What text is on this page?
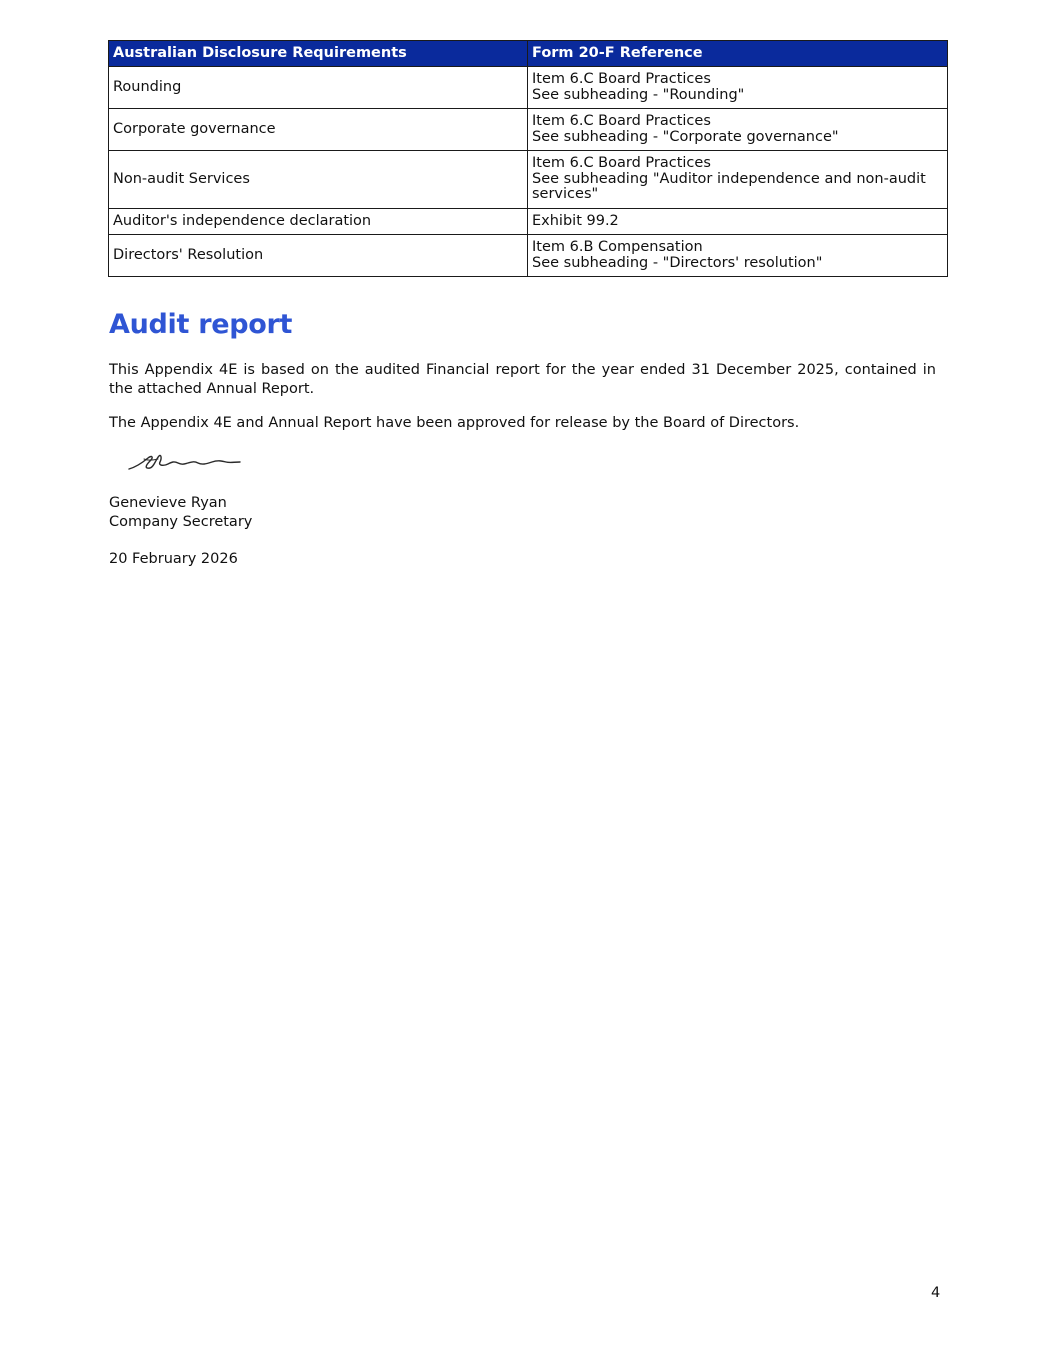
Australian Disclosure Requirements	Form 20-F Reference
Rounding	Item 6.C Board Practices
See subheading - "Rounding"

Corporate governance	Item 6.C Board Practices
See subheading - "Corporate governance"

Non-audit Services	Item 6.C Board Practices
See subheading "Auditor independence and non-audit
services"

Auditor's independence declaration	Exhibit 99.2

Directors' Resolution	Item 6.B Compensation
See subheading - "Directors' resolution"
Audit report

This Appendix 4E is based on the audited Financial report for the year ended 31 December 2025, contained in the attached Annual Report.

The Appendix 4E and Annual Report have been approved for release by the Board of Directors.

Genevieve Ryan
Company Secretary
20 February 2026
4
